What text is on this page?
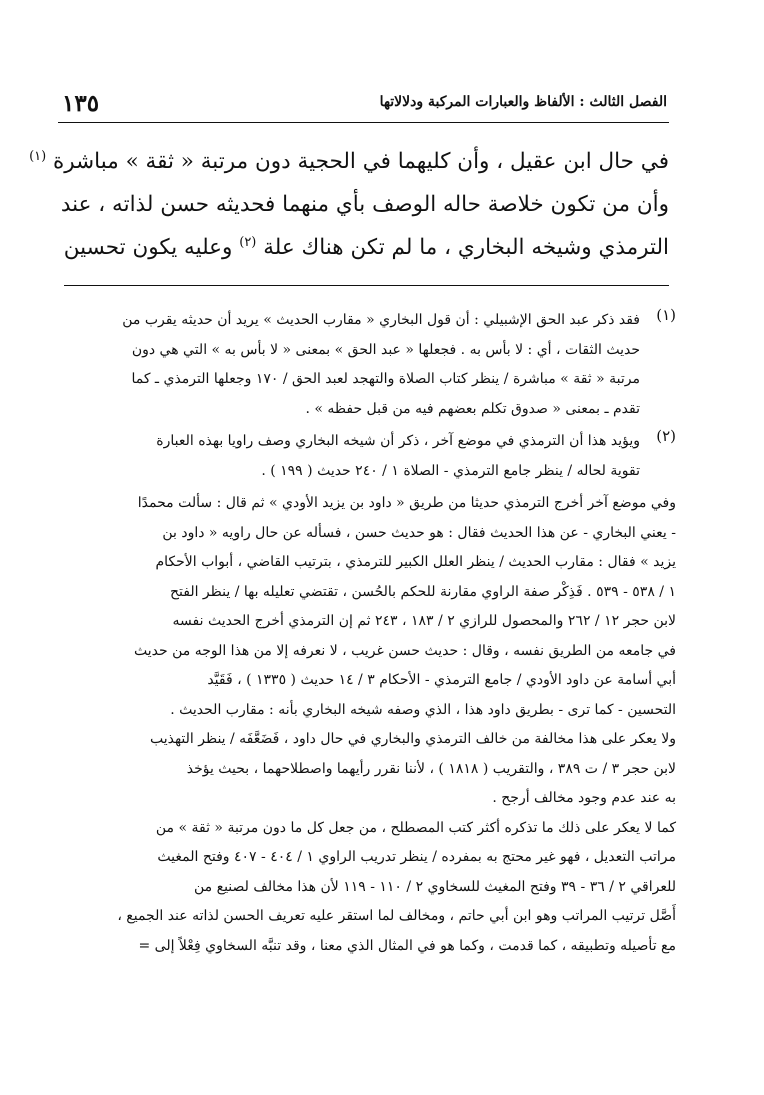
١٣٥	الفصل الثالث : الألفاظ والعبارات المركبة ودلالاتها
في حال ابن عقيل ، وأن كليهما في الحجية دون مرتبة « ثقة » مباشرة $^{(١)}$
وأن من تكون خلاصة حاله الوصف بأي منهما فحديثه حسن لذاته ، عند
الترمذي وشيخه البخاري ، ما لم تكن هناك علة $^{(٢)}$ وعليه يكون تحسين
(١)
فقد ذكر عبد الحق الإشبيلي : أن قول البخاري « مقارب الحديث » يريد أن حديثه يقرب من
حديث الثقات ، أي : لا بأس به . فجعلها « عبد الحق » بمعنى « لا بأس به » التي هي دون
مرتبة « ثقة » مباشرة / ينظر كتاب الصلاة والتهجد لعبد الحق / ١٧٠ وجعلها الترمذي ـ كما
تقدم ـ بمعنى « صدوق تكلم بعضهم فيه من قبل حفظه » .
(٢)
ويؤيد هذا أن الترمذي في موضع آخر ، ذكر أن شيخه البخاري وصف راويا بهذه العبارة
تقوية لحاله / ينظر جامع الترمذي - الصلاة ١ / ٢٤٠ حديث ( ١٩٩ ) .
وفي موضع آخر أخرج الترمذي حديثا من طريق « داود بن يزيد الأودي » ثم قال : سألت محمدًا
- يعني البخاري - عن هذا الحديث فقال : هو حديث حسن ، فسأله عن حال راويه « داود بن
يزيد » فقال : مقارب الحديث / ينظر العلل الكبير للترمذي ، بترتيب القاضي ، أبواب الأحكام
١ / ٥٣٨ - ٥٣٩ . فَذِكْر صفة الراوي مقارنة للحكم بالحُسن ، تقتضي تعليله بها / ينظر الفتح
لابن حجر ١٢ / ٢٦٢ والمحصول للرازي ٢ / ١٨٣ ، ٢٤٣ ثم إن الترمذي أخرج الحديث نفسه
في جامعه من الطريق نفسه ، وقال : حديث حسن غريب ، لا نعرفه إلا من هذا الوجه من حديث
أبي أسامة عن داود الأودي / جامع الترمذي - الأحكام ٣ / ١٤ حديث ( ١٣٣٥ ) ، فَقَيَّد
التحسين - كما ترى - بطريق داود هذا ، الذي وصفه شيخه البخاري بأنه : مقارب الحديث .
ولا يعكر على هذا مخالفة من خالف الترمذي والبخاري في حال داود ، فَضَعَّفَه / ينظر التهذيب
لابن حجر ٣ / ت ٣٨٩ ، والتقريب ( ١٨١٨ ) ، لأننا نقرر رأيهما واصطلاحهما ، بحيث يؤخذ
به عند عدم وجود مخالف أرجح .
كما لا يعكر على ذلك ما تذكره أكثر كتب المصطلح ، من جعل كل ما دون مرتبة « ثقة » من
مراتب التعديل ، فهو غير محتج به بمفرده / ينظر تدريب الراوي ١ / ٤٠٤ - ٤٠٧ وفتح المغيث
للعراقي ٢ / ٣٦ - ٣٩ وفتح المغيث للسخاوي ٢ / ١١٠ - ١١٩ لأن هذا مخالف لصنيع من
أَصَّل ترتيب المراتب وهو ابن أبي حاتم ، ومخالف لما استقر عليه تعريف الحسن لذاته عند الجميع ،
مع تأصيله وتطبيقه ، كما قدمت ، وكما هو في المثال الذي معنا ، وقد تنبَّه السخاوي فِعْلاً إلى =
